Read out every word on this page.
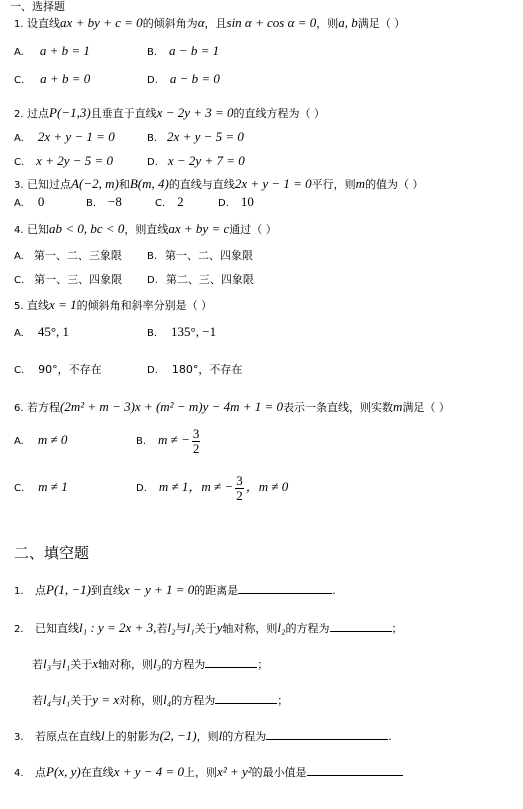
一、选择题
1. 设直线ax + by + c = 0的倾斜角为α，且sin α + cos α = 0，则a, b满足（ ）
A. a + b = 1	B. a − b = 1
C. a + b = 0	D. a − b = 0
2. 过点P(−1,3)且垂直于直线x − 2y + 3 = 0的直线方程为（ ）
A. 2x + y − 1 = 0	B. 2x + y − 5 = 0
C. x + 2y − 5 = 0	D. x − 2y + 7 = 0
3. 已知过点A(−2, m)和B(m, 4)的直线与直线2x + y − 1 = 0平行，则m的值为（ ）
A. 0	B. −8	C. 2	D. 10
4. 已知ab < 0, bc < 0，则直线ax + by = c通过（ ）
A. 第一、二、三象限	B. 第一、二、四象限
C. 第一、三、四象限 D. 第二、三、四象限
5. 直线x = 1的倾斜角和斜率分别是（ ）
A. 45°, 1	B. 135°, −1
C. 90°，不存在	D. 180°，不存在
6. 若方程(2m² + m − 3)x + (m² − m)y − 4m + 1 = 0表示一条直线，则实数m满足（ ）
A. m ≠ 0	B. m ≠ − $\frac{3}{2}$
C. m ≠ 1	D. m ≠ 1，m ≠ − $\frac{3}{2}$ ，m ≠ 0
二、填空题
1. 点P(1, −1)到直线x − y + 1 = 0的距离是	.
2. 已知直线l₁ : y = 2x + 3,若l₂与l₁关于y轴对称，则l₂的方程为	；
若l₃与l₁关于x轴对称，则l₃的方程为	；
若l₄与l₁关于y = x对称，则l₄的方程为	；
3. 若原点在直线l上的射影为(2, −1)，则l的方程为	.
4. 点P(x, y)在直线x + y − 4 = 0上，则x² + y²的最小值是
